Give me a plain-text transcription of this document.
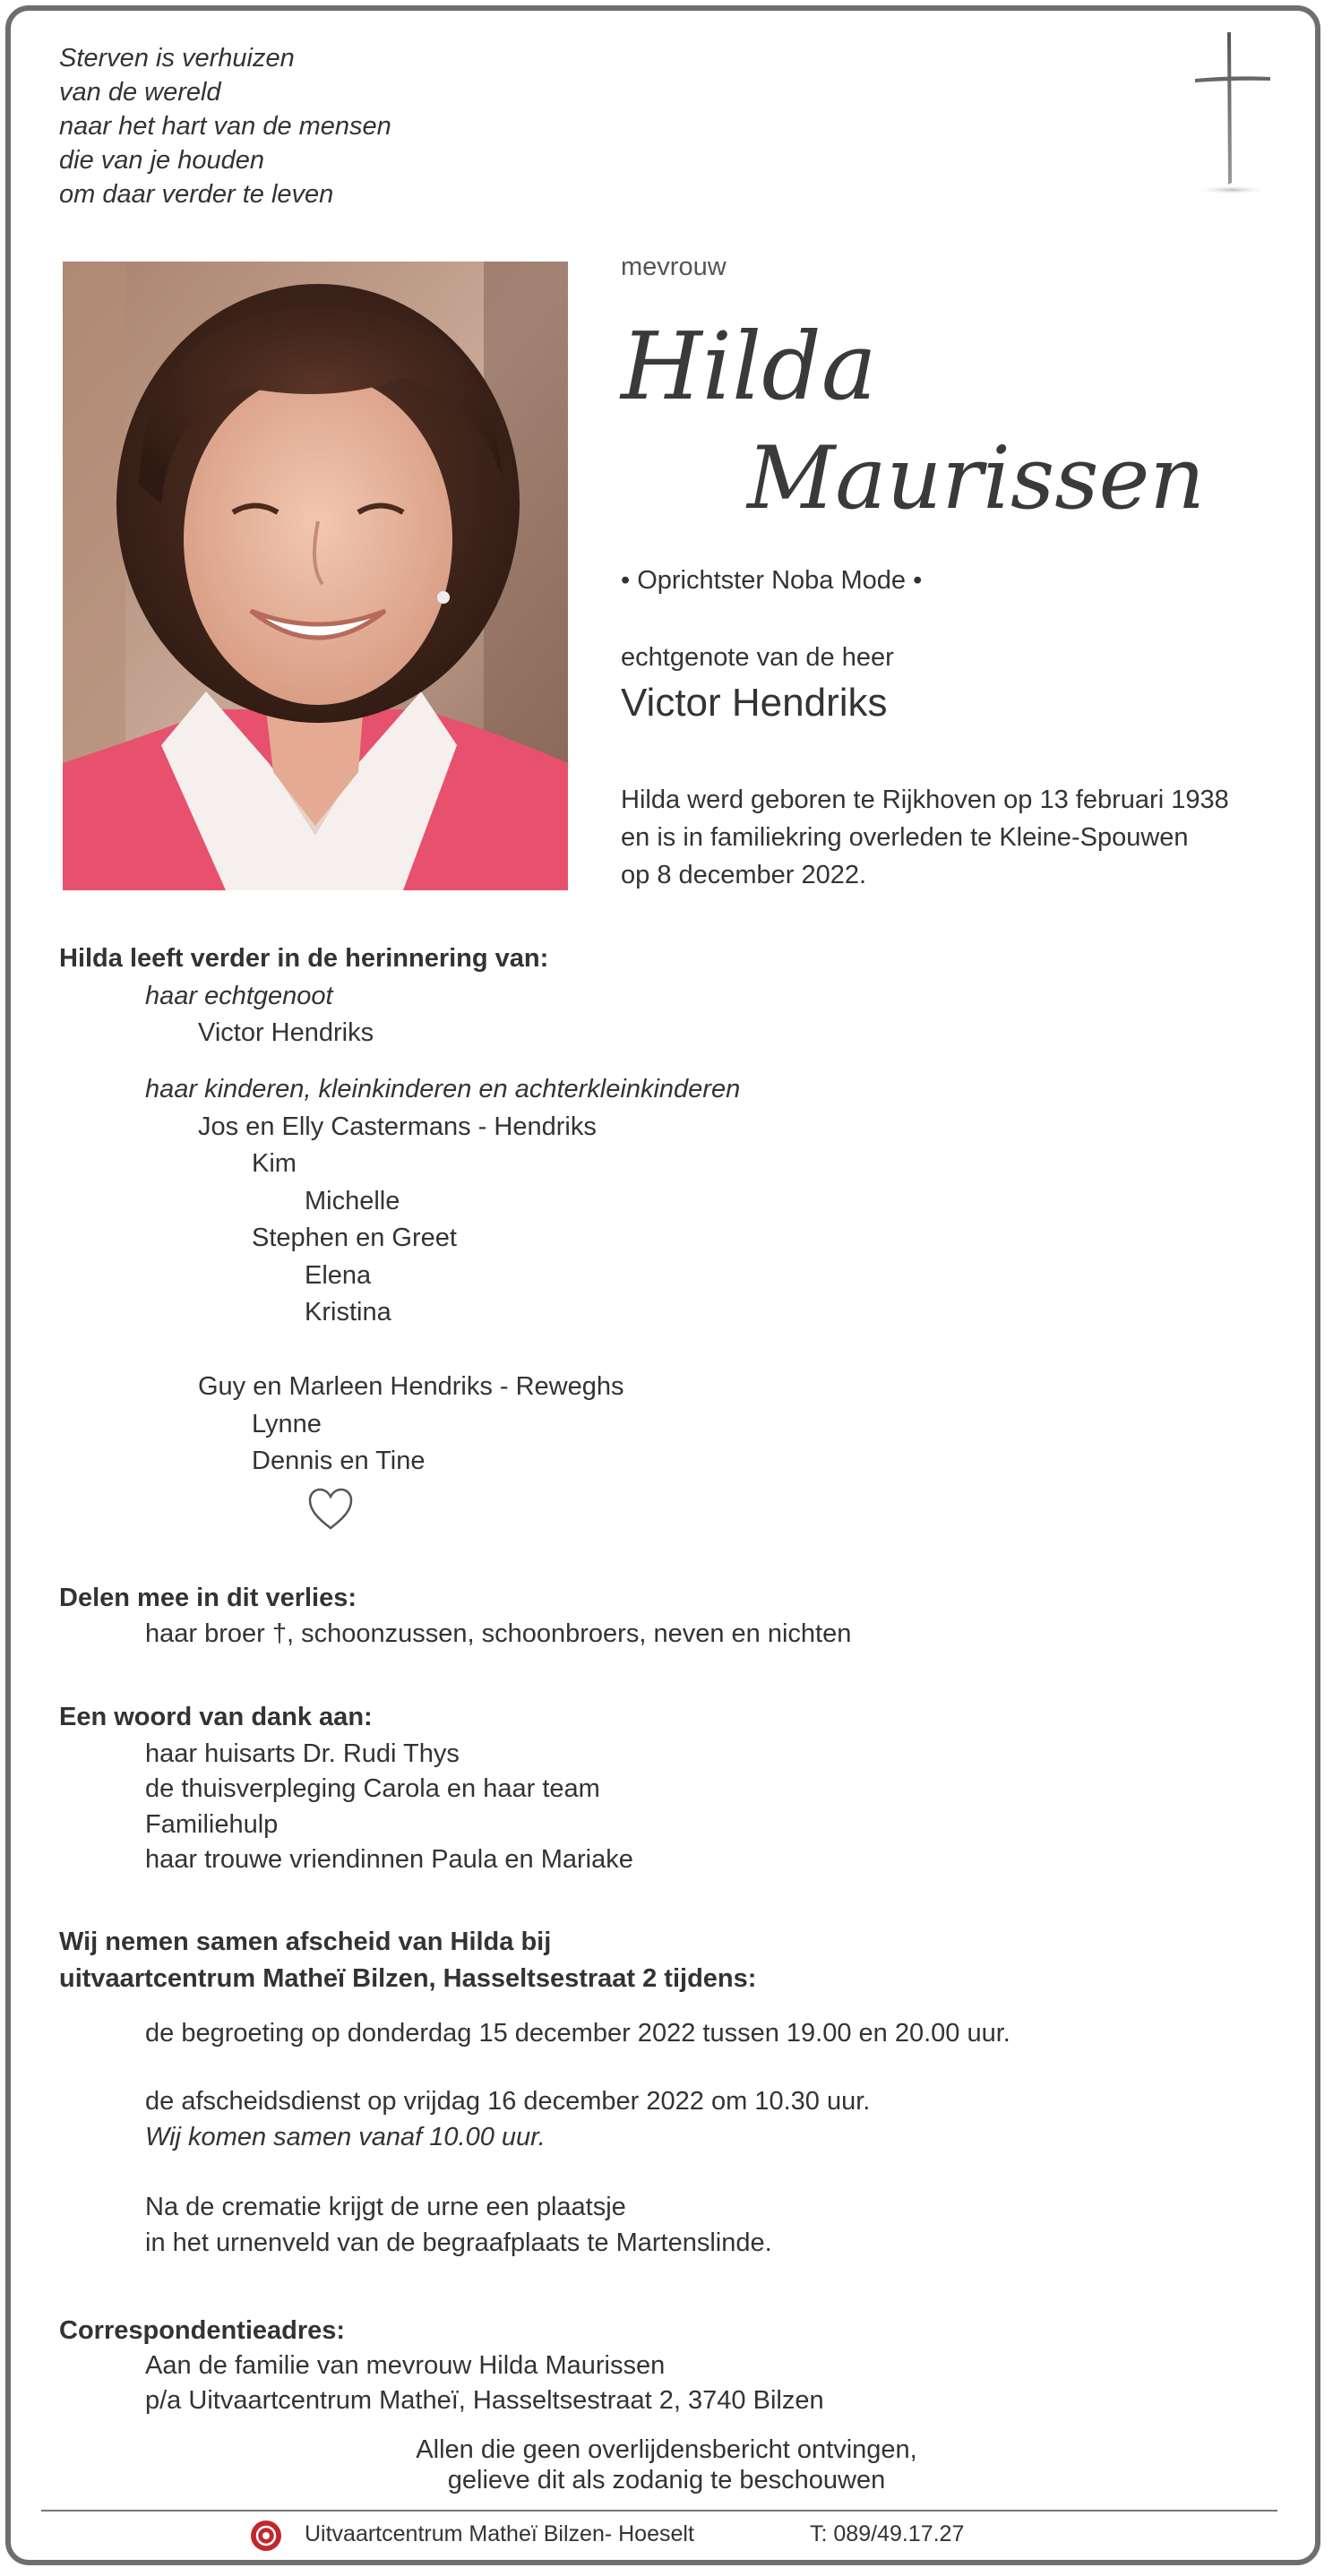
Sterven is verhuizen
van de wereld
naar het hart van de mensen
die van je houden
om daar verder te leven
mevrouw
Hilda
Maurissen
• Oprichtster Noba Mode •
echtgenote van de heer
Victor Hendriks
Hilda werd geboren te Rijkhoven op 13 februari 1938
en is in familiekring overleden te Kleine-Spouwen
op 8 december 2022.
Hilda leeft verder in de herinnering van:
haar echtgenoot
Victor Hendriks
haar kinderen, kleinkinderen en achterkleinkinderen
Jos en Elly Castermans - Hendriks
Kim
Michelle
Stephen en Greet
Elena
Kristina
Guy en Marleen Hendriks - Reweghs
Lynne
Dennis en Tine
Delen mee in dit verlies:
haar broer †, schoonzussen, schoonbroers, neven en nichten
Een woord van dank aan:
haar huisarts Dr. Rudi Thys
de thuisverpleging Carola en haar team
Familiehulp
haar trouwe vriendinnen Paula en Mariake
Wij nemen samen afscheid van Hilda bij
uitvaartcentrum Matheï Bilzen, Hasseltsestraat 2 tijdens:
de begroeting op donderdag 15 december 2022 tussen 19.00 en 20.00 uur.
de afscheidsdienst op vrijdag 16 december 2022 om 10.30 uur.
Wij komen samen vanaf 10.00 uur.
Na de crematie krijgt de urne een plaatsje
in het urnenveld van de begraafplaats te Martenslinde.
Correspondentieadres:
Aan de familie van mevrouw Hilda Maurissen
p/a Uitvaartcentrum Matheï, Hasseltsestraat 2, 3740 Bilzen
Allen die geen overlijdensbericht ontvingen,
gelieve dit als zodanig te beschouwen
Uitvaartcentrum Matheï Bilzen- Hoeselt	T: 089/49.17.27
